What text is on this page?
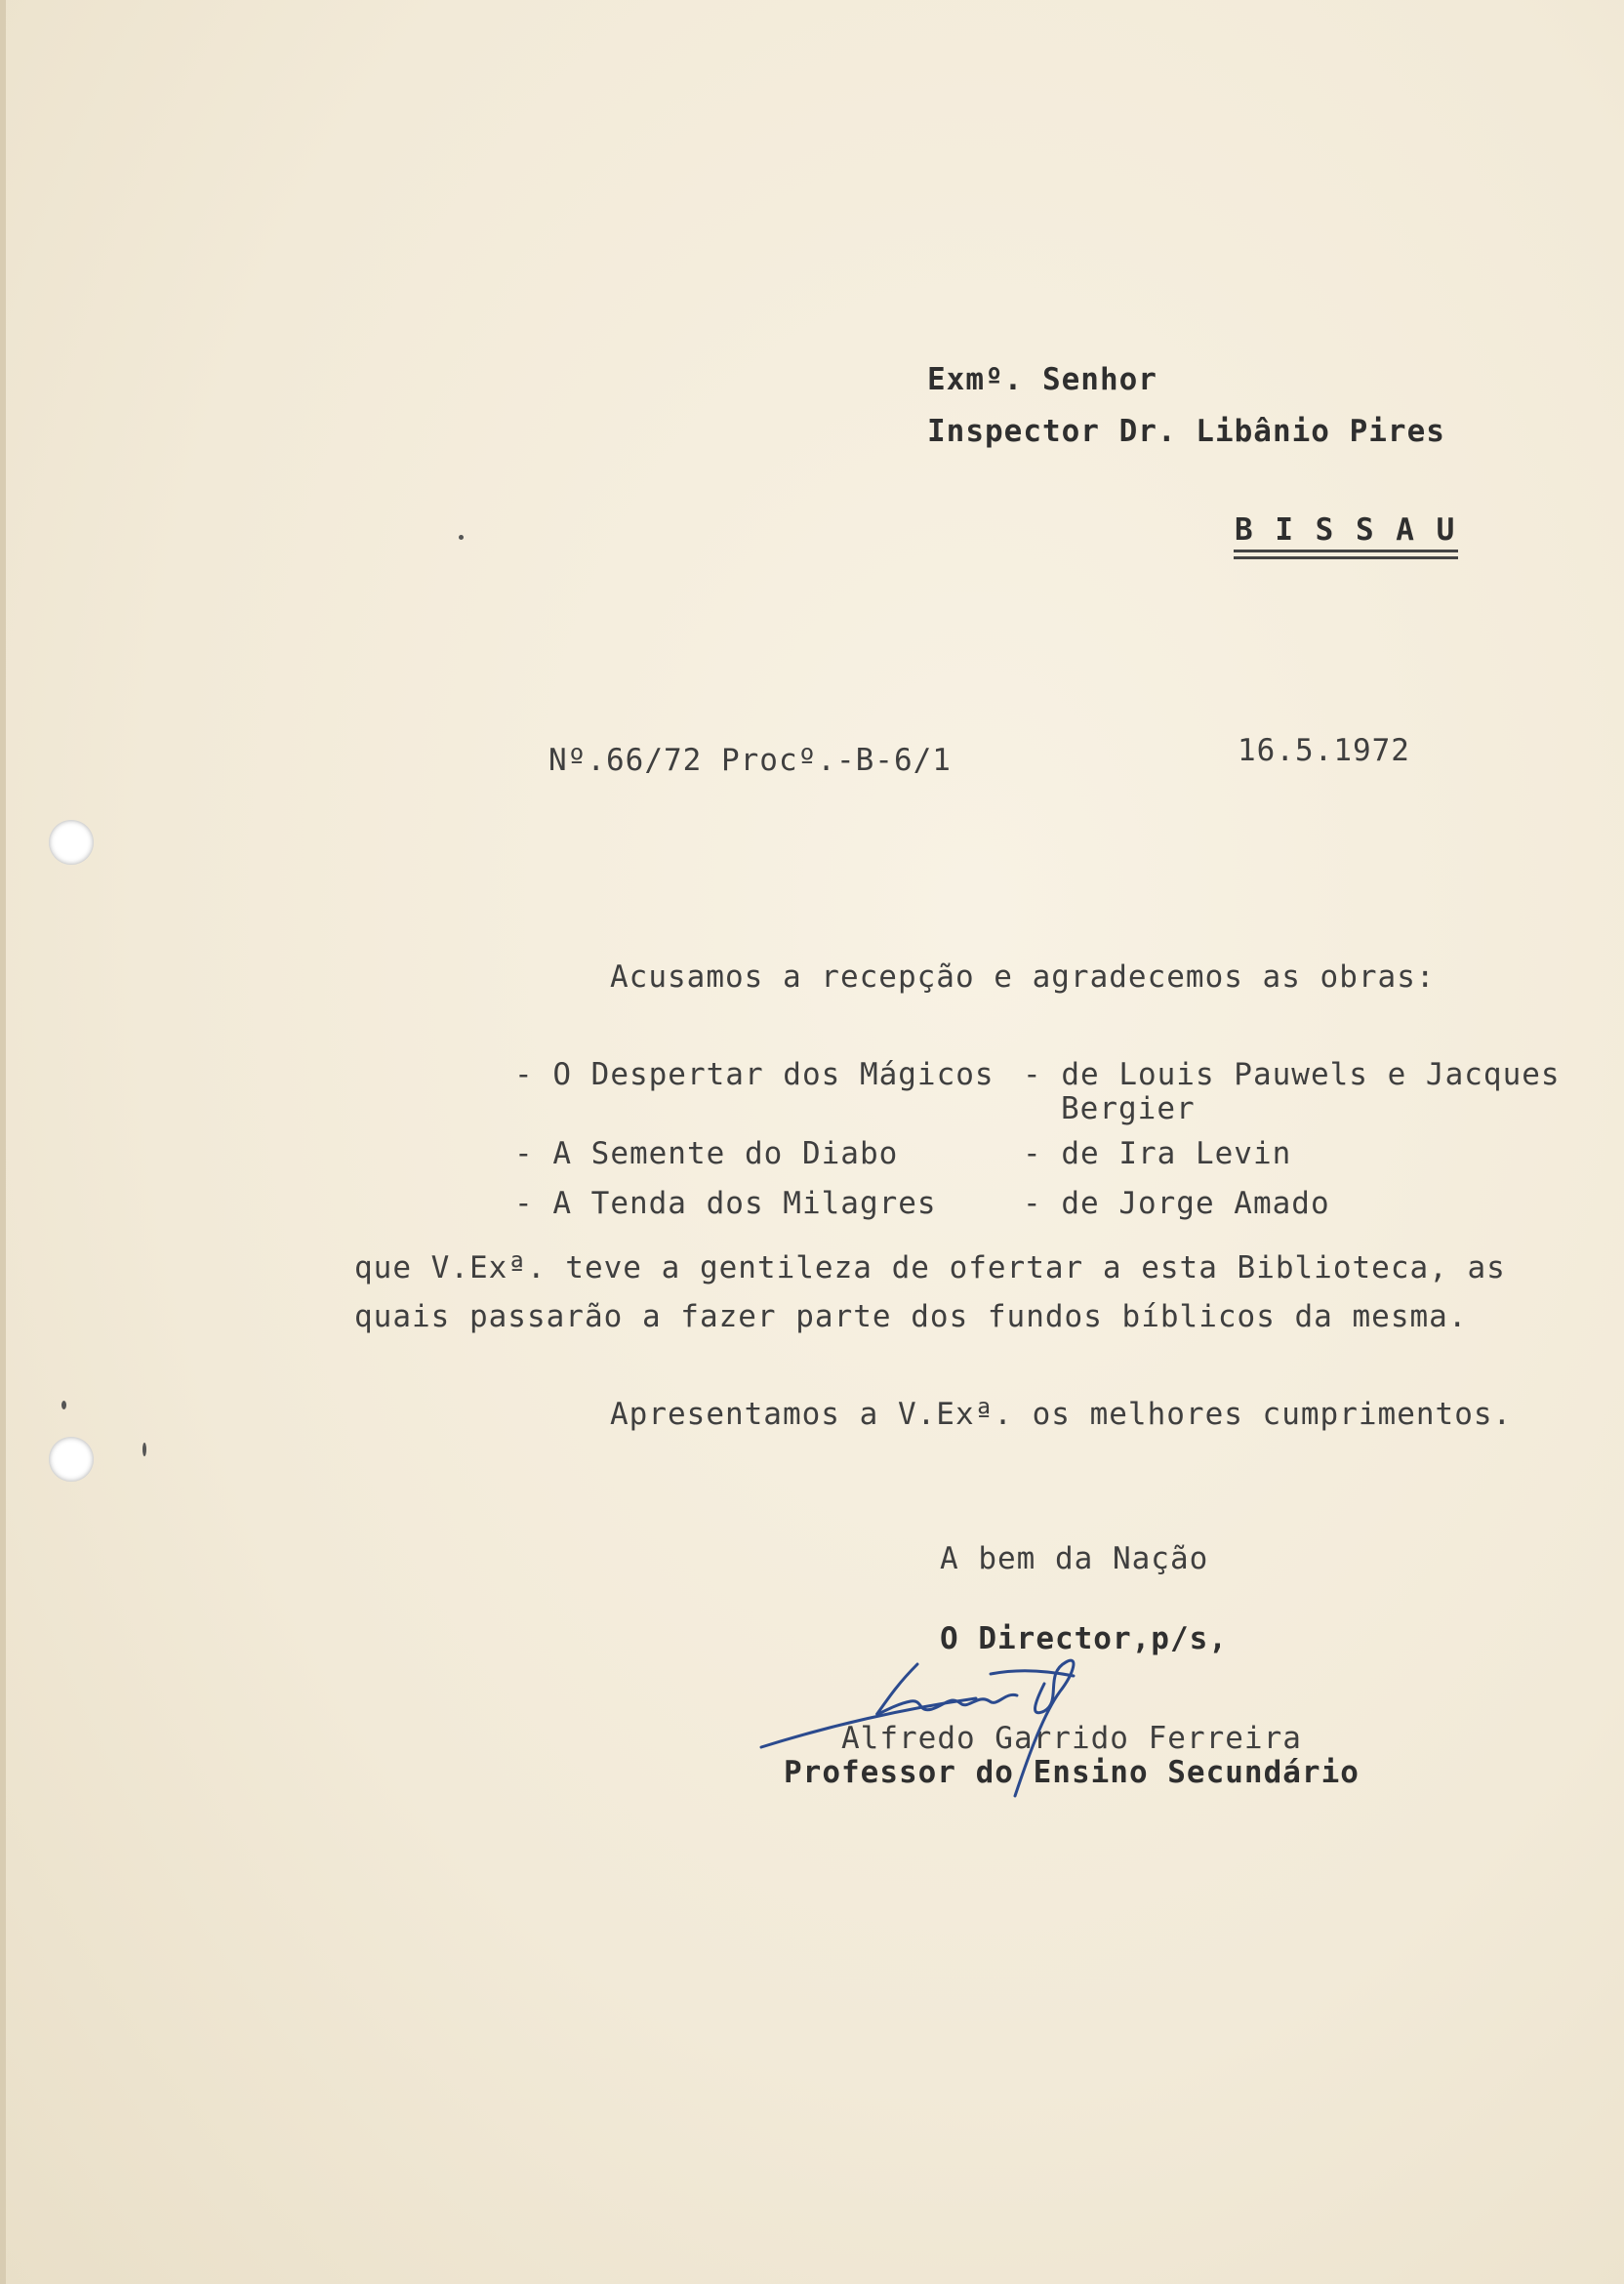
Exmº. Senhor
Inspector Dr. Libânio Pires
B I S S A U
Nº.66/72 Procº.-B-6/1	16.5.1972
Acusamos a recepção e agradecemos as obras:
- O Despertar dos Mágicos - de Louis Pauwels e Jacques
Bergier
- A Semente do Diabo	- de Ira Levin
- A Tenda dos Milagres	- de Jorge Amado
que V.Exª. teve a gentileza de ofertar a esta Biblioteca, as
quais passarão a fazer parte dos fundos bíblicos da mesma.
Apresentamos a V.Exª. os melhores cumprimentos.
A bem da Nação
O Director,p/s,
Alfredo Garrido Ferreira
Professor do Ensino Secundário
